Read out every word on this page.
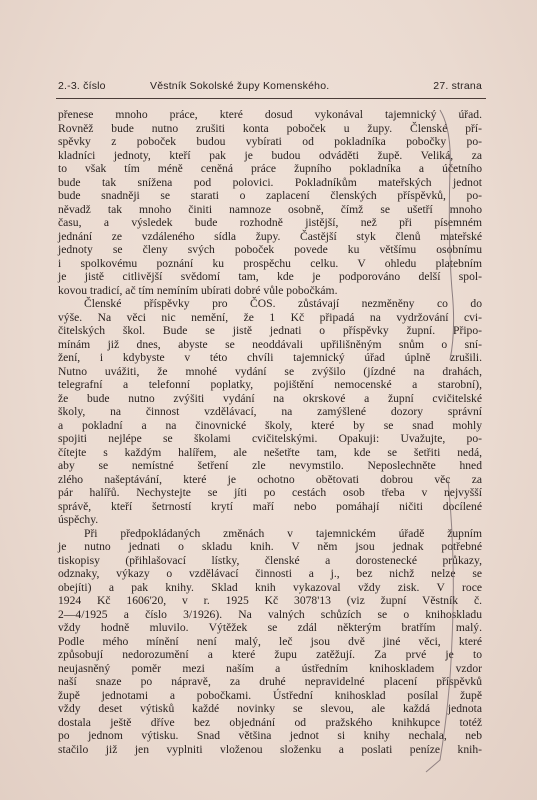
2.-3. číslo	Věstník Sokolské župy Komenského.	27. strana
přenese mnoho práce, které dosud vykonával tajemnický úřad.
Rovněž bude nutno zrušiti konta poboček u župy. Členské pří-
spěvky z poboček budou vybírati od pokladníka pobočky po-
kladníci jednoty, kteří pak je budou odváděti župě. Veliká, za
to však tím méně ceněná práce župního pokladníka a účetního
bude tak snížena pod polovici. Pokladníkům mateřských jednot
bude snadněji se starati o zaplacení členských příspěvků, po-
něvadž tak mnoho činiti namnoze osobně, čímž se ušetří mnoho
času, a výsledek bude rozhodně jistější, než při písemném
jednání ze vzdáleného sídla župy. Častější styk členů mateřské
jednoty se členy svých poboček povede ku většímu osobnímu
i spolkovému poznání ku prospěchu celku. V ohledu platebním
je jistě citlivější svědomí tam, kde je podporováno delší spol-
kovou tradicí, ač tím nemíním ubírati dobré vůle pobočkám.
Členské příspěvky pro ČOS. zůstávají nezměněny co do
výše. Na věci nic nemění, že 1 Kč připadá na vydržování cvi-
čitelských škol. Bude se jistě jednati o příspěvky župní. Připo-
mínám již dnes, abyste se neoddávali upřilišněným snům o sní-
žení, i kdybyste v této chvíli tajemnický úřad úplně zrušili.
Nutno uvážiti, že mnohé vydání se zvýšilo (jízdné na drahách,
telegrafní a telefonní poplatky, pojištění nemocenské a starobní),
že bude nutno zvýšiti vydání na okrskové a župní cvičitelské
školy, na činnost vzdělávací, na zamýšlené dozory správní
a pokladní a na činovnické školy, které by se snad mohly
spojiti nejlépe se školami cvičitelskými. Opakuji: Uvažujte, po-
čítejte s každým halířem, ale nešetřte tam, kde se šetřiti nedá,
aby se nemístné šetření zle nevymstilo. Neposlechněte hned
zlého našeptávání, které je ochotno obětovati dobrou věc za
pár halířů. Nechystejte se jíti po cestách osob třeba v nejvyšší
správě, kteří šetrností krytí maří nebo pomáhají ničiti docílené
úspěchy.
Při předpokládaných změnách v tajemnickém úřadě župním
je nutno jednati o skladu knih. V něm jsou jednak potřebné
tiskopisy (přihlašovací lístky, členské a dorostenecké průkazy,
odznaky, výkazy o vzdělávací činnosti a j., bez nichž nelze se
obejíti) a pak knihy. Sklad knih vykazoval vždy zisk. V roce
1924 Kč 1606'20, v r. 1925 Kč 3078'13 (viz župní Věstník č.
2—4/1925 a číslo 3/1926). Na valných schůzích se o knihoskladu
vždy hodně mluvilo. Výtěžek se zdál některým bratřím malý.
Podle mého mínění není malý, leč jsou dvě jiné věci, které
způsobují nedorozumění a které župu zatěžují. Za prvé je to
neujasněný poměr mezi naším a ústředním knihoskladem vzdor
naší snaze po nápravě, za druhé nepravidelné placení příspěvků
župě jednotami a pobočkami. Ústřední knihosklad posílal župě
vždy deset výtisků každé novinky se slevou, ale každá jednota
dostala ještě dříve bez objednání od pražského knihkupce totéž
po jednom výtisku. Snad většina jednot si knihy nechala, neb
stačilo již jen vyplniti vloženou složenku a poslati peníze knih-
